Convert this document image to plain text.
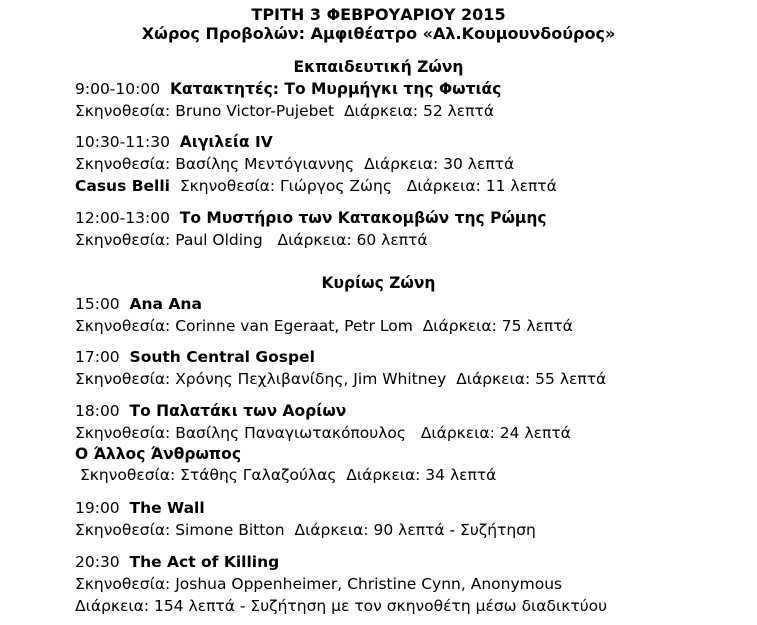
ΤΡΙΤΗ 3 ΦΕΒΡΟΥΑΡΙΟΥ 2015
Χώρος Προβολών: Αμφιθέατρο «Αλ.Κουμουνδούρος»
Εκπαιδευτική Ζώνη
9:00-10:00 Κατακτητές: Το Μυρμήγκι της Φωτιάς
Σκηνοθεσία: Bruno Victor-Pujebet Διάρκεια: 52 λεπτά
10:30-11:30 Αιγιλεία IV
Σκηνοθεσία: Βασίλης Μεντόγιαννης Διάρκεια: 30 λεπτά
Casus Belli Σκηνοθεσία: Γιώργος Ζώης Διάρκεια: 11 λεπτά
12:00-13:00 Το Μυστήριο των Κατακομβών της Ρώμης
Σκηνοθεσία: Paul Olding Διάρκεια: 60 λεπτά
Κυρίως Ζώνη
15:00 Ana Ana
Σκηνοθεσία: Corinne van Egeraat, Petr Lom Διάρκεια: 75 λεπτά
17:00 South Central Gospel
Σκηνοθεσία: Χρόνης Πεχλιβανίδης, Jim Whitney Διάρκεια: 55 λεπτά
18:00 Το Παλατάκι των Αορίων
Σκηνοθεσία: Βασίλης Παναγιωτακόπουλος Διάρκεια: 24 λεπτά
Ο Άλλος Άνθρωπος
Σκηνοθεσία: Στάθης Γαλαζούλας Διάρκεια: 34 λεπτά
19:00 The Wall
Σκηνοθεσία: Simone Bitton Διάρκεια: 90 λεπτά - Συζήτηση
20:30 The Act of Killing
Σκηνοθεσία: Joshua Oppenheimer, Christine Cynn, Anonymous
Διάρκεια: 154 λεπτά - Συζήτηση με τον σκηνοθέτη μέσω διαδικτύου
